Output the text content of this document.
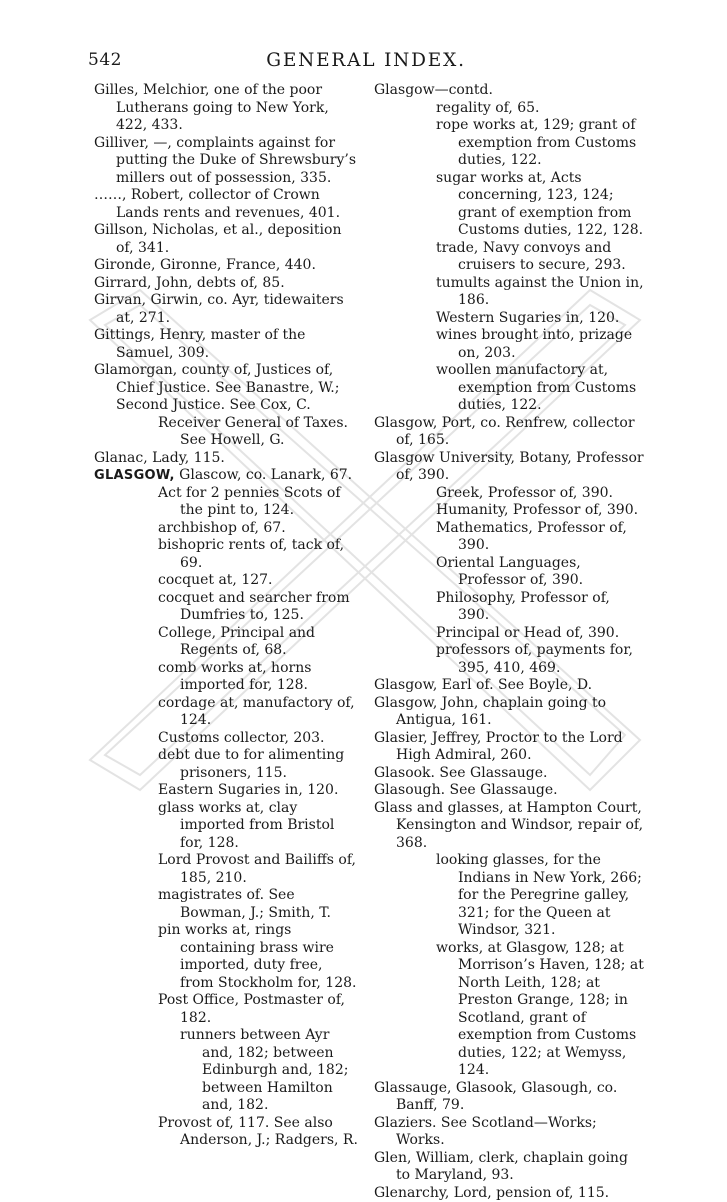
542	GENERAL INDEX.

Gilles, Melchior, one of the poor Lutherans going to New York, 422, 433.

Gilliver, —, complaints against for putting the Duke of Shrewsbury’s millers out of possession, 335.

……, Robert, collector of Crown Lands rents and revenues, 401.

Gillson, Nicholas, et al., deposition of, 341.

Gironde, Gironne, France, 440.

Girrard, John, debts of, 85.

Girvan, Girwin, co. Ayr, tidewaiters at, 271.

Gittings, Henry, master of the Samuel, 309.

Glamorgan, county of, Justices of, Chief Justice. See Banastre, W.; Second Justice. See Cox, C.

Receiver General of Taxes. See Howell, G.

Glanac, Lady, 115.

GLASGOW, Glascow, co. Lanark, 67.

Act for 2 pennies Scots of the pint to, 124.

archbishop of, 67.

bishopric rents of, tack of, 69.

cocquet at, 127.

cocquet and searcher from Dumfries to, 125.

College, Principal and Regents of, 68.

comb works at, horns imported for, 128.

cordage at, manufactory of, 124.

Customs collector, 203.

debt due to for alimenting prisoners, 115.

Eastern Sugaries in, 120.

glass works at, clay imported from Bristol for, 128.

Lord Provost and Bailiffs of, 185, 210.

magistrates of. See Bowman, J.; Smith, T.

pin works at, rings containing brass wire imported, duty free, from Stockholm for, 128.

Post Office, Postmaster of, 182.

runners between Ayr and, 182; between Edinburgh and, 182; between Hamilton and, 182.

Provost of, 117. See also Anderson, J.; Radgers, R.

Glasgow—contd.

regality of, 65.

rope works at, 129; grant of exemption from Customs duties, 122.

sugar works at, Acts concerning, 123, 124; grant of exemption from Customs duties, 122, 128.

trade, Navy convoys and cruisers to secure, 293.

tumults against the Union in, 186.

Western Sugaries in, 120.

wines brought into, prizage on, 203.

woollen manufactory at, exemption from Customs duties, 122.

Glasgow, Port, co. Renfrew, collector of, 165.

Glasgow University, Botany, Professor of, 390.

Greek, Professor of, 390.

Humanity, Professor of, 390.

Mathematics, Professor of, 390.

Oriental Languages, Professor of, 390.

Philosophy, Professor of, 390.

Principal or Head of, 390.

professors of, payments for, 395, 410, 469.

Glasgow, Earl of. See Boyle, D.

Glasgow, John, chaplain going to Antigua, 161.

Glasier, Jeffrey, Proctor to the Lord High Admiral, 260.

Glasook. See Glassauge.

Glasough. See Glassauge.

Glass and glasses, at Hampton Court, Kensington and Windsor, repair of, 368.

looking glasses, for the Indians in New York, 266; for the Peregrine galley, 321; for the Queen at Windsor, 321.

works, at Glasgow, 128; at Morrison’s Haven, 128; at North Leith, 128; at Preston Grange, 128; in Scotland, grant of exemption from Customs duties, 122; at Wemyss, 124.

Glassauge, Glasook, Glasough, co. Banff, 79.

Glaziers. See Scotland—Works; Works.

Glen, William, clerk, chaplain going to Maryland, 93.

Glenarchy, Lord, pension of, 115.
